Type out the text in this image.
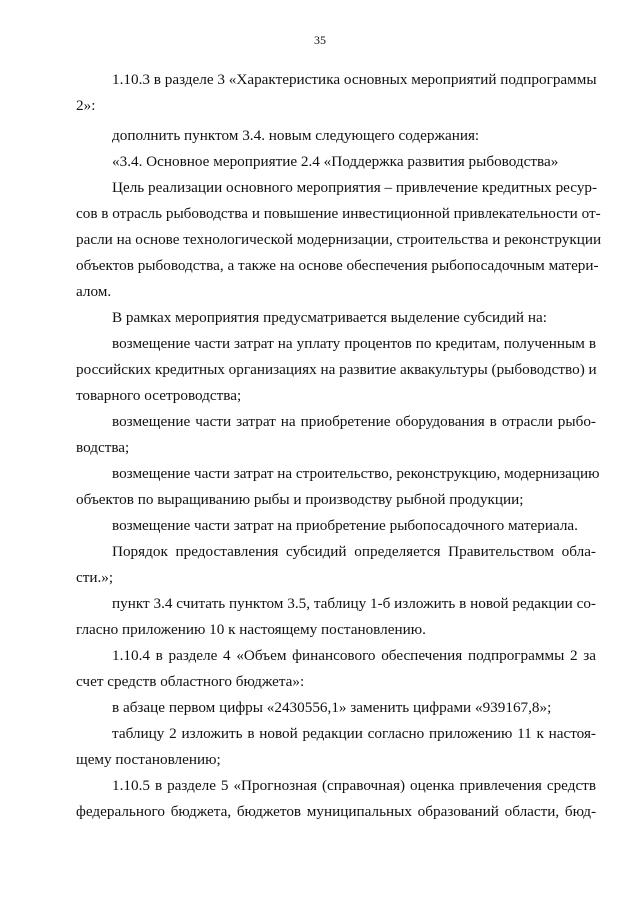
35
1.10.3 в разделе 3 «Характеристика основных мероприятий подпрограммы
2»:
дополнить пунктом 3.4. новым следующего содержания:
«3.4. Основное мероприятие 2.4 «Поддержка развития рыбоводства»
Цель реализации основного мероприятия – привлечение кредитных ресур-
сов в отрасль рыбоводства и повышение инвестиционной привлекательности от-
расли на основе технологической модернизации, строительства и реконструкции
объектов рыбоводства, а также на основе обеспечения рыбопосадочным матери-
алом.
В рамках мероприятия предусматривается выделение субсидий на:
возмещение части затрат на уплату процентов по кредитам, полученным в
российских кредитных организациях на развитие аквакультуры (рыбоводство) и
товарного осетроводства;
возмещение части затрат на приобретение оборудования в отрасли рыбо-
водства;
возмещение части затрат на строительство, реконструкцию, модернизацию
объектов по выращиванию рыбы и производству рыбной продукции;
возмещение части затрат на приобретение рыбопосадочного материала.
Порядок предоставления субсидий определяется Правительством обла-
сти.»;
пункт 3.4 считать пунктом 3.5, таблицу 1-б изложить в новой редакции со-
гласно приложению 10 к настоящему постановлению.
1.10.4 в разделе 4 «Объем финансового обеспечения подпрограммы 2 за
счет средств областного бюджета»:
в абзаце первом цифры «2430556,1» заменить цифрами «939167,8»;
таблицу 2 изложить в новой редакции согласно приложению 11 к настоя-
щему постановлению;
1.10.5 в разделе 5 «Прогнозная (справочная) оценка привлечения средств
федерального бюджета, бюджетов муниципальных образований области, бюд-
